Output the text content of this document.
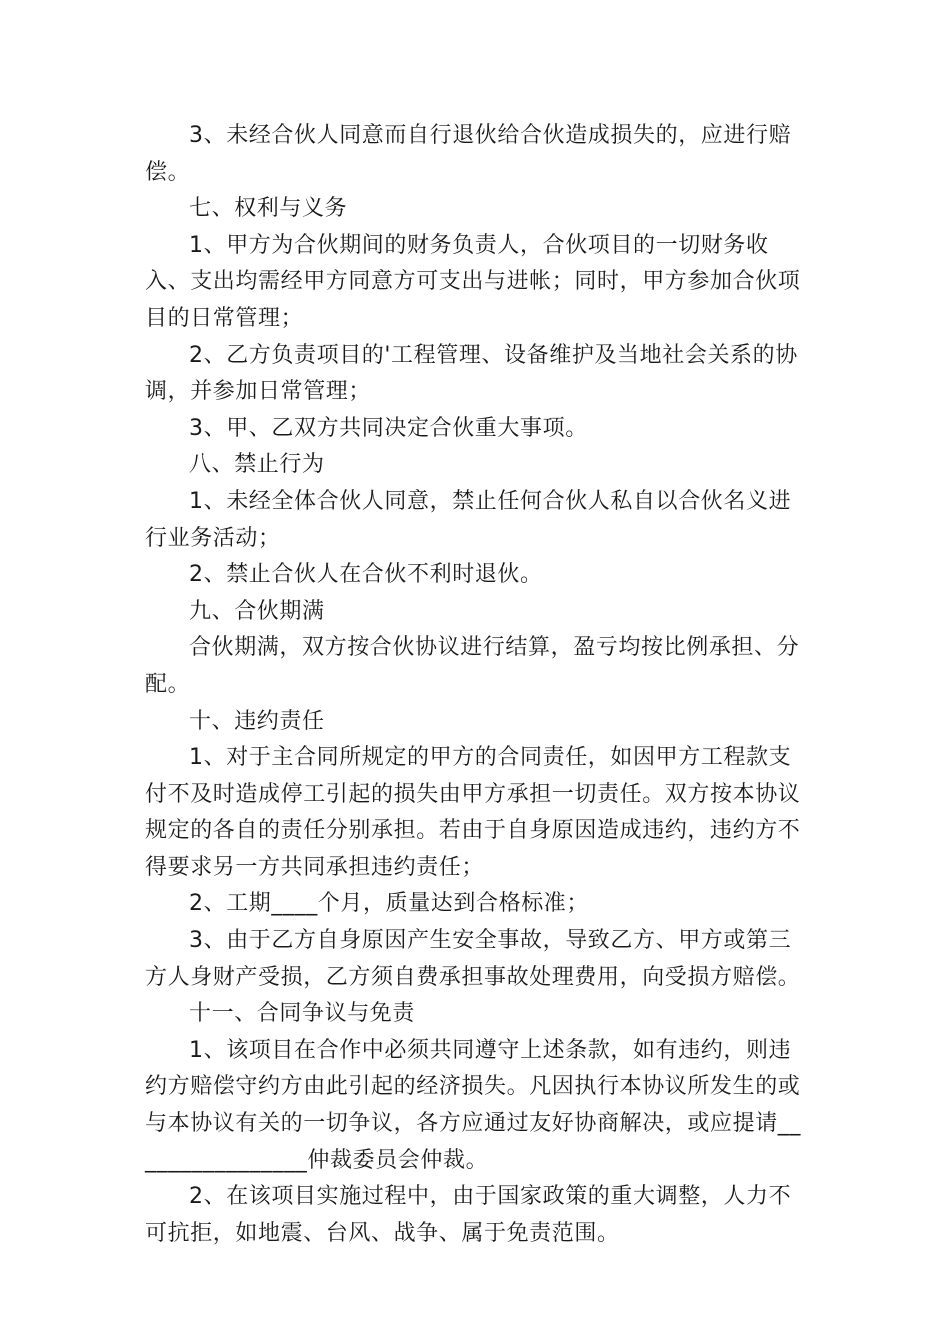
3、未经合伙人同意而自行退伙给合伙造成损失的，应进行赔偿。

七、权利与义务

1、甲方为合伙期间的财务负责人，合伙项目的一切财务收入、支出均需经甲方同意方可支出与进帐；同时，甲方参加合伙项目的日常管理；

2、乙方负责项目的'工程管理、设备维护及当地社会关系的协调，并参加日常管理；

3、甲、乙双方共同决定合伙重大事项。

八、禁止行为

1、未经全体合伙人同意，禁止任何合伙人私自以合伙名义进行业务活动；

2、禁止合伙人在合伙不利时退伙。

九、合伙期满

合伙期满，双方按合伙协议进行结算，盈亏均按比例承担、分配。

十、违约责任

1、对于主合同所规定的甲方的合同责任，如因甲方工程款支付不及时造成停工引起的损失由甲方承担一切责任。双方按本协议规定的各自的责任分别承担。若由于自身原因造成违约，违约方不得要求另一方共同承担违约责任；

2、工期____个月，质量达到合格标准；

3、由于乙方自身原因产生安全事故，导致乙方、甲方或第三方人身财产受损，乙方须自费承担事故处理费用，向受损方赔偿。

十一、合同争议与免责

1、该项目在合作中必须共同遵守上述条款，如有违约，则违约方赔偿守约方由此引起的经济损失。凡因执行本协议所发生的或与本协议有关的一切争议，各方应通过友好协商解决，或应提请________________仲裁委员会仲裁。

2、在该项目实施过程中，由于国家政策的重大调整，人力不可抗拒，如地震、台风、战争、属于免责范围。
